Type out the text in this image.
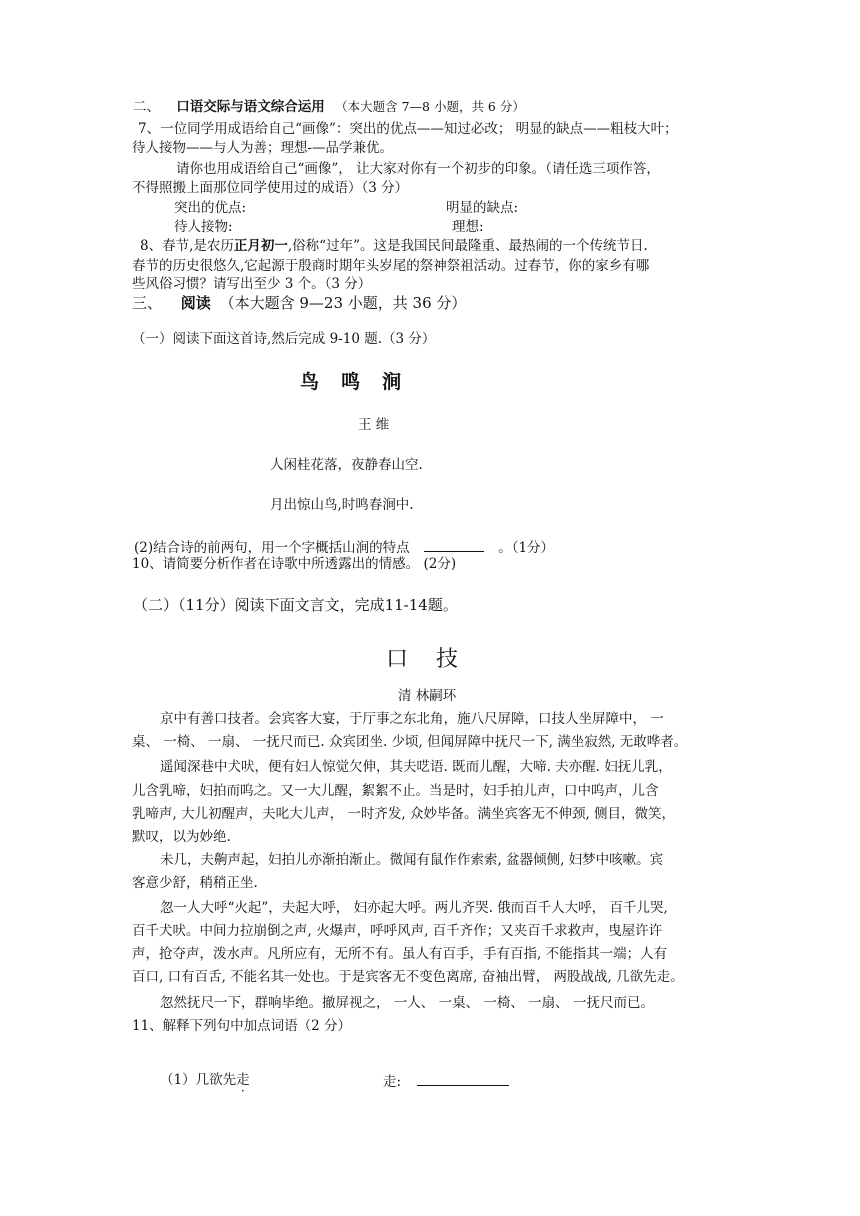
二、 口语交际与语文综合运用 （本大题含 7—8 小题，共 6 分）
7、一位同学用成语给自己“画像”：突出的优点——知过必改； 明显的缺点——粗枝大叶；
待人接物——与人为善；理想-—品学兼优。
请你也用成语给自己“画像”， 让大家对你有一个初步的印象。（请任选三项作答，
不得照搬上面那位同学使用过的成语）（3 分）
突出的优点:	明显的缺点:
待人接物:	理想:
8、春节,是农历正月初一,俗称“过年”。这是我国民间最隆重、最热闹的一个传统节日.
春节的历史很悠久,它起源于殷商时期年头岁尾的祭神祭祖活动。过春节，你的家乡有哪
些风俗习惯？请写出至少 3 个。（3 分）
三、 阅读 （本大题含 9—23 小题，共 36 分）
（一）阅读下面这首诗,然后完成 9-10 题.（3 分）
鸟鸣涧
王 维
人闲桂花落，夜静春山空.
月出惊山鸟,时鸣春涧中.
(2)结合诗的前两句，用一个字概括山涧的特点	。（1分）
10、请简要分析作者在诗歌中所透露出的情感。 (2分)
（二）（11分）阅读下面文言文，完成11-14题。
口技
清 林嗣环
京中有善口技者。会宾客大宴，于厅事之东北角，施八尺屏障，口技人坐屏障中， 一
桌、 一椅、 一扇、 一抚尺而已. 众宾团坐. 少顷, 但闻屏障中抚尺一下, 满坐寂然, 无敢哗者。
遥闻深巷中犬吠，便有妇人惊觉欠伸，其夫呓语. 既而儿醒，大啼. 夫亦醒. 妇抚儿乳，
儿含乳啼，妇拍而呜之。又一大儿醒，絮絮不止。当是时，妇手拍儿声，口中呜声，儿含
乳啼声, 大儿初醒声，夫叱大儿声， 一时齐发, 众妙毕备。满坐宾客无不伸颈, 侧目，微笑，
默叹，以为妙绝.
未几，夫齁声起，妇拍儿亦渐拍渐止。微闻有鼠作作索索, 盆器倾侧, 妇梦中咳嗽。宾
客意少舒，稍稍正坐.
忽一人大呼“火起”，夫起大呼， 妇亦起大呼。两儿齐哭. 俄而百千人大呼， 百千儿哭,
百千犬吠。中间力拉崩倒之声, 火爆声，呼呼风声, 百千齐作；又夹百千求救声，曳屋许许
声，抢夺声，泼水声。凡所应有，无所不有。虽人有百手，手有百指, 不能指其一端；人有
百口, 口有百舌, 不能名其一处也。于是宾客无不变色离席, 奋袖出臂， 两股战战, 几欲先走。
忽然抚尺一下，群响毕绝。撤屏视之， 一人、 一桌、 一椅、 一扇、 一抚尺而已。
11、解释下列句中加点词语（2 分）
（1）几欲先走	走:
